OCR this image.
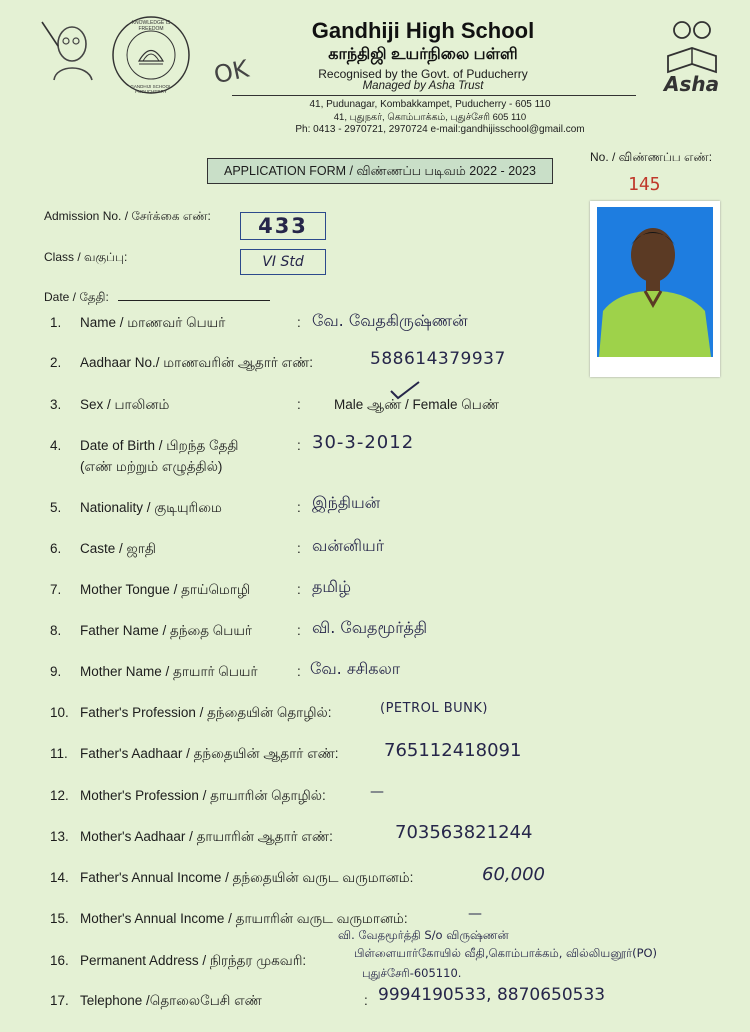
KNOWLEDGE IS FREEDOM
GANDHIJI SCHOOL PUDUCHERRY
OK
Gandhiji High School
காந்திஜி உயர்நிலை பள்ளி
Recognised by the Govt. of Puducherry
Managed by Asha Trust
41, Pudunagar, Kombakkampet, Puducherry - 605 110
41, புதுநகர், கொம்பாக்கம், புதுச்சேரி 605 110
Ph: 0413 - 2970721, 2970724 e-mail:gandhijisschool@gmail.com
Asha
APPLICATION FORM / விண்ணப்ப படிவம் 2022 - 2023
No. / விண்ணப்ப எண்:
145
Admission No. / சேர்க்கை எண்:	433
Class / வகுப்பு:	VI Std
Date / தேதி:
1.	Name / மாணவர் பெயர்	: வே. வேதகிருஷ்ணன்
2.	Aadhaar No./ மாணவரின் ஆதார் எண்:	588614379937
3.	Sex / பாலினம்	: Male ஆண் / Female பெண்
4.	Date of Birth / பிறந்த தேதி
(எண் மற்றும் எழுத்தில்)
: 30-3-2012
5.	Nationality / குடியுரிமை	: இந்தியன்
6.	Caste / ஜாதி	: வன்னியர்
7.	Mother Tongue / தாய்மொழி	: தமிழ்
8.	Father Name / தந்தை பெயர்	: வி. வேதமூர்த்தி
9.	Mother Name / தாயார் பெயர்	: வே. சசிகலா
10. Father's Profession / தந்தையின் தொழில்:	(PETROL BUNK)
11. Father's Aadhaar / தந்தையின் ஆதார் எண்:	765112418091
12. Mother's Profession / தாயாரின் தொழில்:	—
13. Mother's Aadhaar / தாயாரின் ஆதார் எண்:	703563821244
14. Father's Annual Income / தந்தையின் வருட வருமானம்:	60,000
15. Mother's Annual Income / தாயாரின் வருட வருமானம்:	—
16. Permanent Address / நிரந்தர முகவரி:
வி. வேதமூர்த்தி S/o விருஷ்ணன்
பிள்ளையார்கோயில் வீதி,கொம்பாக்கம், வில்லியனூர்(PO)
புதுச்சேரி-605110.
17. Telephone /தொலைபேசி எண்	: 9994190533, 8870650533
